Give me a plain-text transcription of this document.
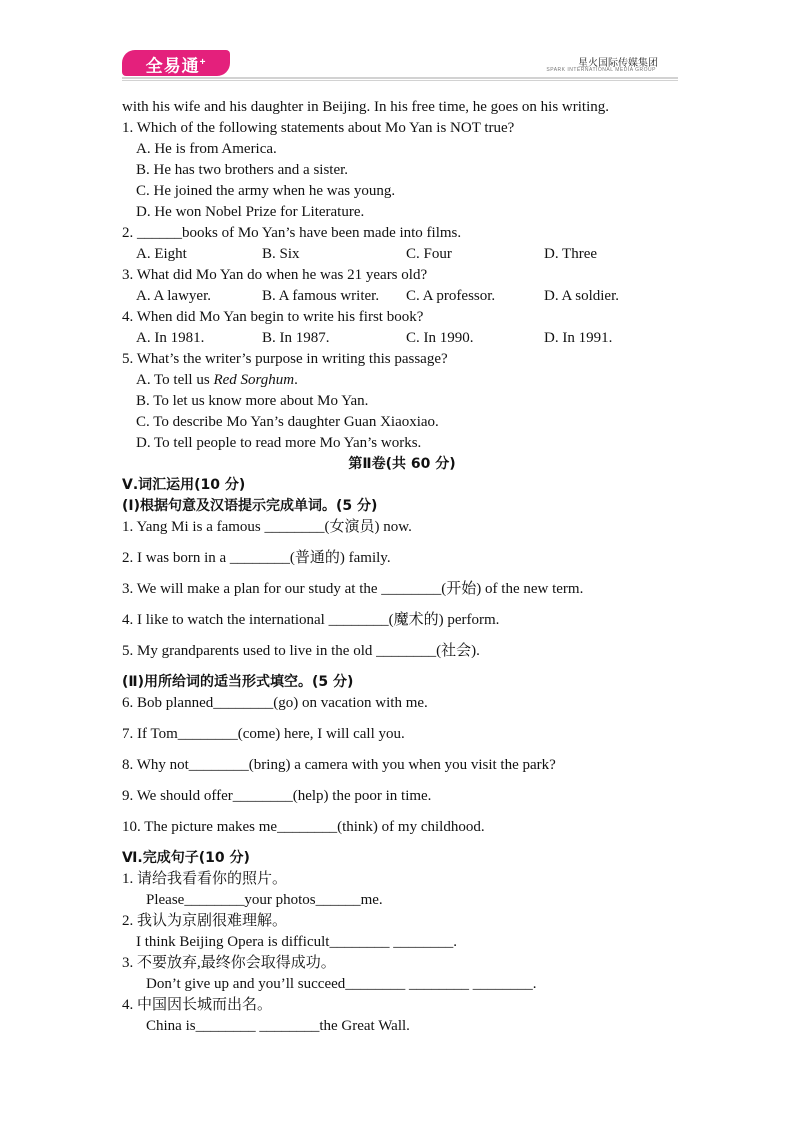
全易通+	星火国际传媒集团
SPARK INTERNATIONAL MEDIA GROUP
with his wife and his daughter in Beijing. In his free time, he goes on his writing.
1. Which of the following statements about Mo Yan is NOT true?
A. He is from America.
B. He has two brothers and a sister.
C. He joined the army when he was young.
D. He won Nobel Prize for Literature.
2. ______books of Mo Yan’s have been made into films.
A. Eight	B. Six	C. Four	D. Three
3. What did Mo Yan do when he was 21 years old?
A. A lawyer.	B. A famous writer.	C. A professor.	D. A soldier.
4. When did Mo Yan begin to write his first book?
A. In 1981.	B. In 1987.	C. In 1990.	D. In 1991.
5. What’s the writer’s purpose in writing this passage?
A. To tell us Red Sorghum.
B. To let us know more about Mo Yan.
C. To describe Mo Yan’s daughter Guan Xiaoxiao.
D. To tell people to read more Mo Yan’s works.
第Ⅱ卷(共 60 分)
Ⅴ.词汇运用(10 分)
(Ⅰ)根据句意及汉语提示完成单词。(5 分)
1. Yang Mi is a famous ________(女演员) now.
2. I was born in a ________(普通的) family.
3. We will make a plan for our study at the ________(开始) of the new term.
4. I like to watch the international ________(魔术的) perform.
5. My grandparents used to live in the old ________(社会).
(Ⅱ)用所给词的适当形式填空。(5 分)
6. Bob planned________(go) on vacation with me.
7. If Tom________(come) here, I will call you.
8. Why not________(bring) a camera with you when you visit the park?
9. We should offer________(help) the poor in time.
10. The picture makes me________(think) of my childhood.
Ⅵ.完成句子(10 分)
1. 请给我看看你的照片。
Please________your photos______me.
2. 我认为京剧很难理解。
I think Beijing Opera is difficult________ ________.
3. 不要放弃,最终你会取得成功。
Don’t give up and you’ll succeed________ ________ ________.
4. 中国因长城而出名。
China is________ ________the Great Wall.
